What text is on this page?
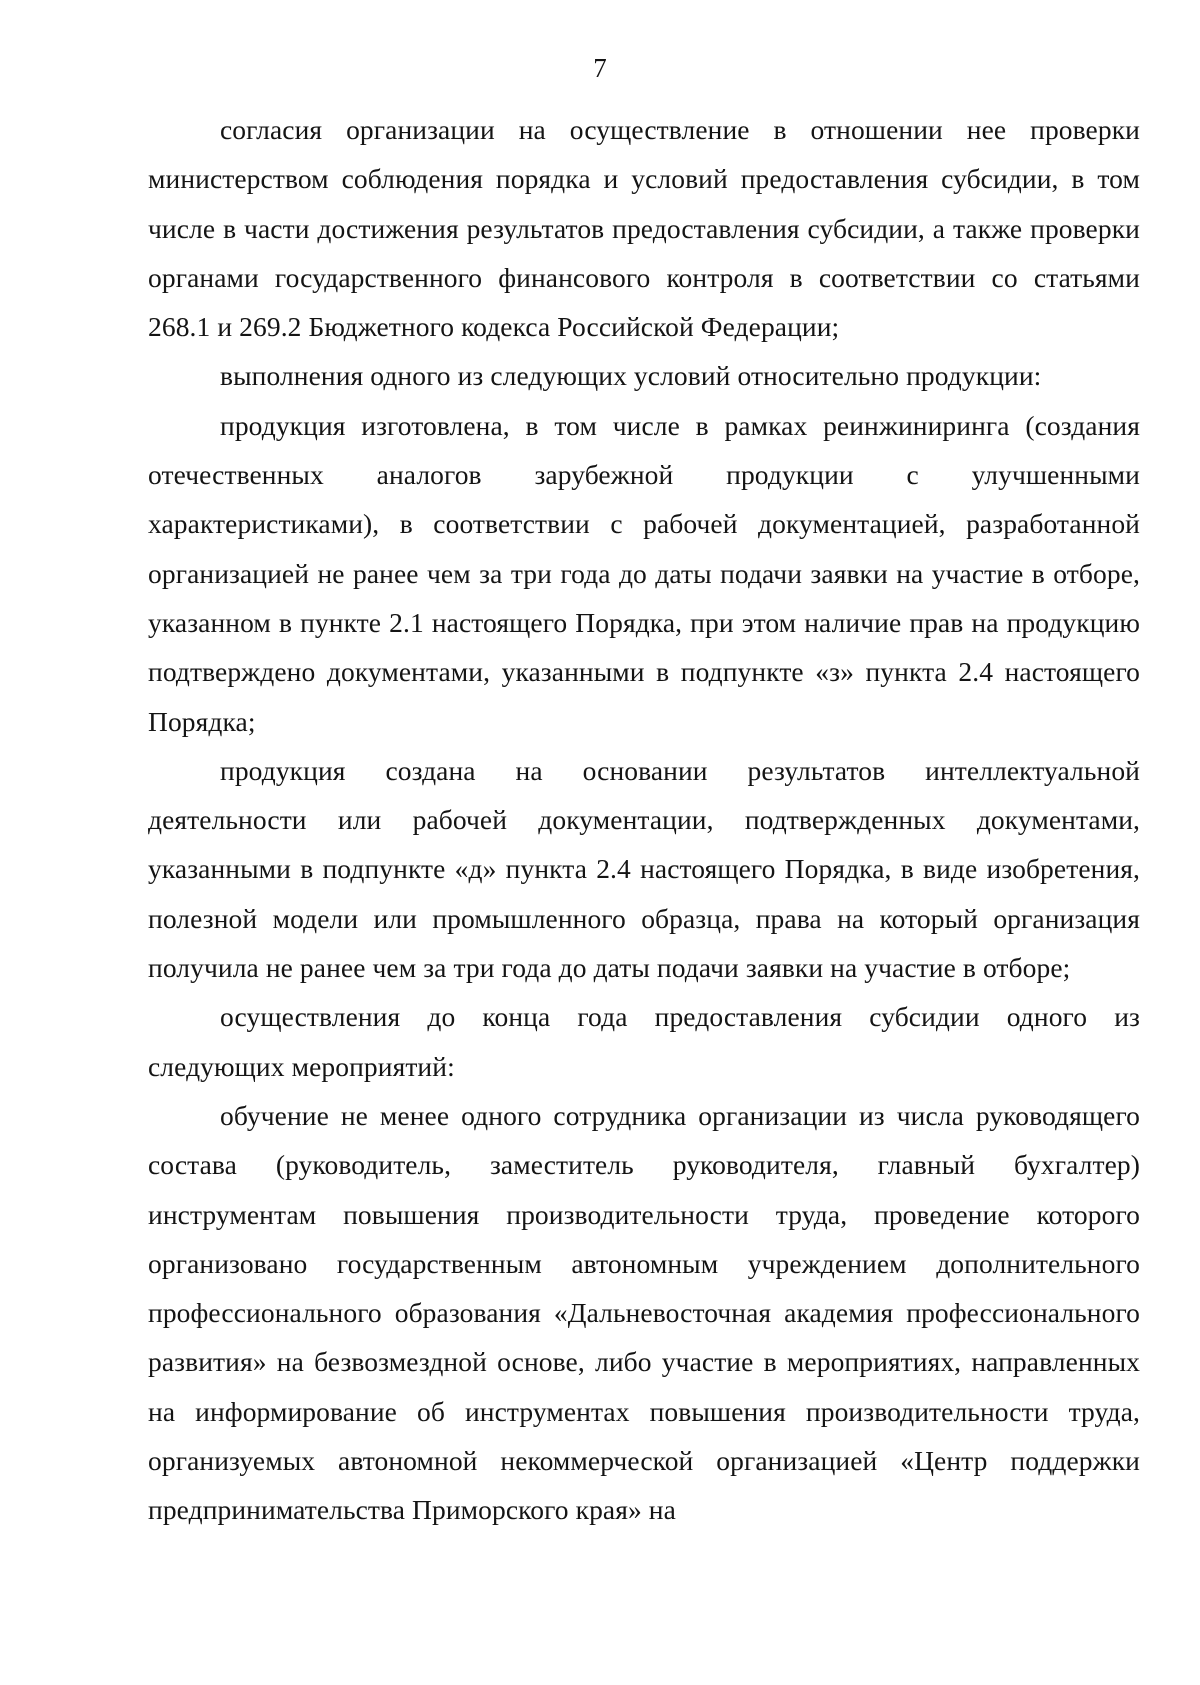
7

согласия организации на осуществление в отношении нее проверки министерством соблюдения порядка и условий предоставления субсидии, в том числе в части достижения результатов предоставления субсидии, а также проверки органами государственного финансового контроля в соответствии со статьями 268.1 и 269.2 Бюджетного кодекса Российской Федерации;

выполнения одного из следующих условий относительно продукции:

продукция изготовлена, в том числе в рамках реинжиниринга (создания отечественных аналогов зарубежной продукции с улучшенными характеристиками), в соответствии с рабочей документацией, разработанной организацией не ранее чем за три года до даты подачи заявки на участие в отборе, указанном в пункте 2.1 настоящего Порядка, при этом наличие прав на продукцию подтверждено документами, указанными в подпункте «з» пункта 2.4 настоящего Порядка;

продукция создана на основании результатов интеллектуальной деятельности или рабочей документации, подтвержденных документами, указанными в подпункте «д» пункта 2.4 настоящего Порядка, в виде изобретения, полезной модели или промышленного образца, права на который организация получила не ранее чем за три года до даты подачи заявки на участие в отборе;

осуществления до конца года предоставления субсидии одного из следующих мероприятий:

обучение не менее одного сотрудника организации из числа руководящего состава (руководитель, заместитель руководителя, главный бухгалтер) инструментам повышения производительности труда, проведение которого организовано государственным автономным учреждением дополнительного профессионального образования «Дальневосточная академия профессионального развития» на безвозмездной основе, либо участие в мероприятиях, направленных на информирование об инструментах повышения производительности труда, организуемых автономной некоммерческой организацией «Центр поддержки предпринимательства Приморского края» на
